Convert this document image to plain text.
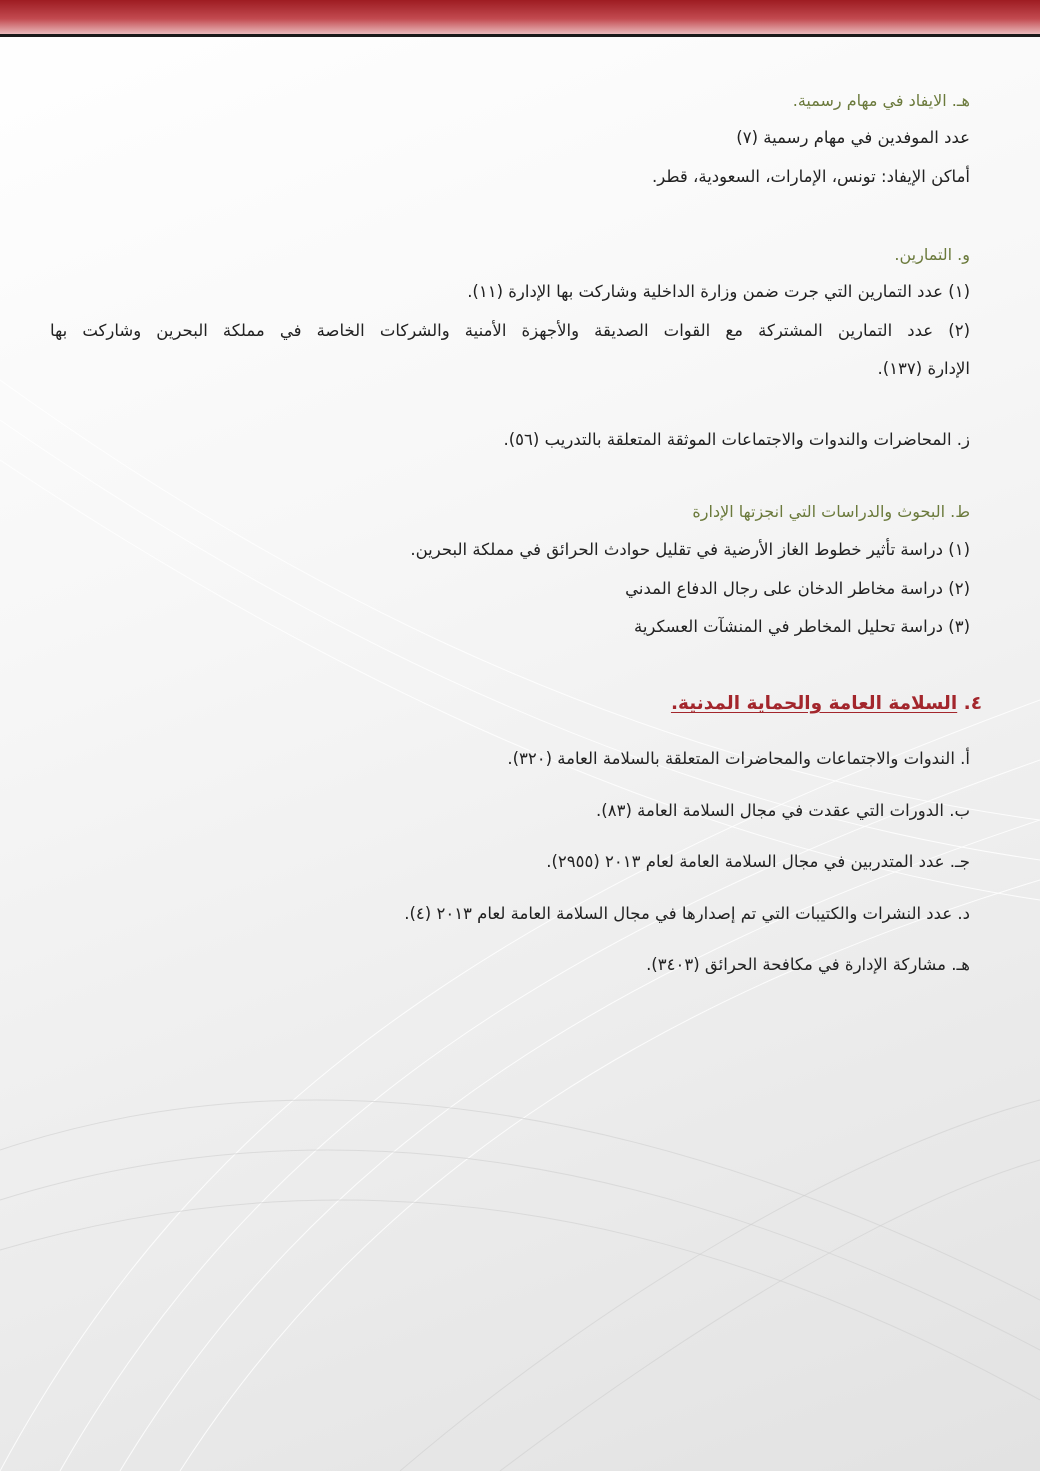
هـ. الايفاد في مهام رسمية.
عدد الموفدين في مهام رسمية (٧)
أماكن الإيفاد: تونس، الإمارات، السعودية، قطر.
و. التمارين.
(١) عدد التمارين التي جرت ضمن وزارة الداخلية وشاركت بها الإدارة (١١).
(٢) عدد التمارين المشتركة مع القوات الصديقة والأجهزة الأمنية والشركات الخاصة في مملكة البحرين وشاركت بها
الإدارة (١٣٧).
ز. المحاضرات والندوات والاجتماعات الموثقة المتعلقة بالتدريب (٥٦).
ط. البحوث والدراسات التي انجزتها الإدارة
(١) دراسة تأثير خطوط الغاز الأرضية في تقليل حوادث الحرائق في مملكة البحرين.
(٢) دراسة مخاطر الدخان على رجال الدفاع المدني
(٣) دراسة تحليل المخاطر في المنشآت العسكرية
٤. السلامة العامة والحماية المدنية.
أ. الندوات والاجتماعات والمحاضرات المتعلقة بالسلامة العامة (٣٢٠).
ب. الدورات التي عقدت في مجال السلامة العامة (٨٣).
جـ. عدد المتدربين في مجال السلامة العامة لعام ٢٠١٣ (٢٩٥٥).
د. عدد النشرات والكتيبات التي تم إصدارها في مجال السلامة العامة لعام ٢٠١٣ (٤).
هـ. مشاركة الإدارة في مكافحة الحرائق (٣٤٠٣).
